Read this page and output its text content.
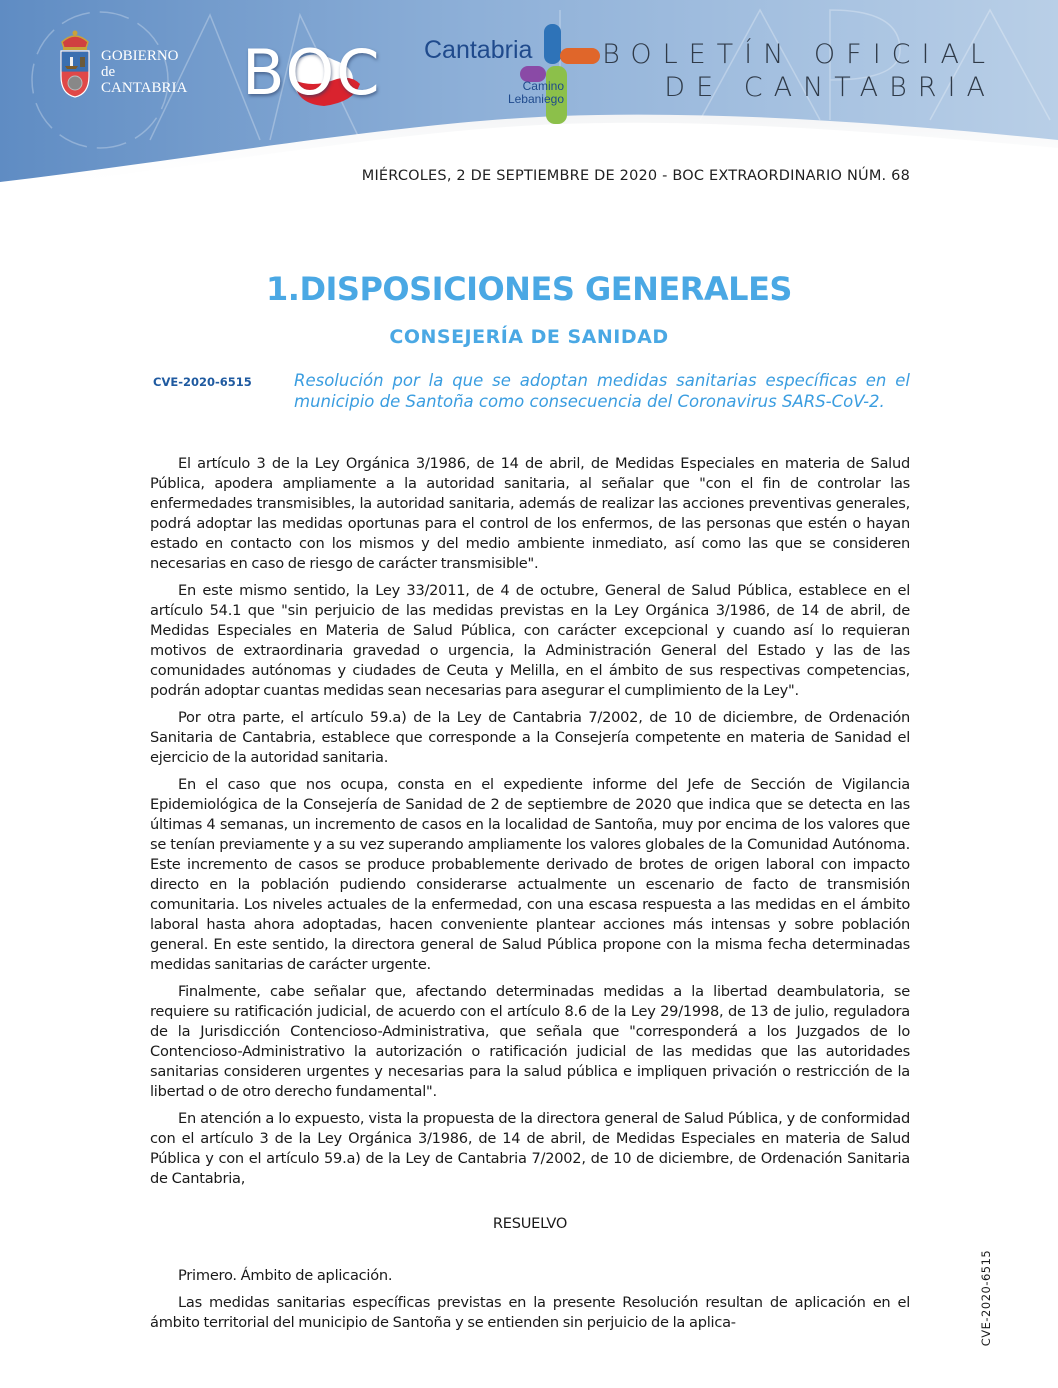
GOBIERNO
de
CANTABRIA BOC Cantabria
Camino
Lebaniego
BOLETÍN OFICIAL
DE CANTABRIA
MIÉRCOLES, 2 DE SEPTIEMBRE DE 2020 - BOC EXTRAORDINARIO NÚM. 68
1.DISPOSICIONES GENERALES
CONSEJERÍA DE SANIDAD
CVE-2020-6515	Resolución por la que se adoptan medidas sanitarias específicas en el municipio de Santoña como consecuencia del Coronavirus SARS-CoV-2.

El artículo 3 de la Ley Orgánica 3/1986, de 14 de abril, de Medidas Especiales en materia de Salud Pública, apodera ampliamente a la autoridad sanitaria, al señalar que "con el fin de controlar las enfermedades transmisibles, la autoridad sanitaria, además de realizar las acciones preventivas generales, podrá adoptar las medidas oportunas para el control de los enfermos, de las personas que estén o hayan estado en contacto con los mismos y del medio ambiente inmediato, así como las que se consideren necesarias en caso de riesgo de carácter transmisible".

En este mismo sentido, la Ley 33/2011, de 4 de octubre, General de Salud Pública, establece en el artículo 54.1 que "sin perjuicio de las medidas previstas en la Ley Orgánica 3/1986, de 14 de abril, de Medidas Especiales en Materia de Salud Pública, con carácter excepcional y cuando así lo requieran motivos de extraordinaria gravedad o urgencia, la Administración General del Estado y las de las comunidades autónomas y ciudades de Ceuta y Melilla, en el ámbito de sus respectivas competencias, podrán adoptar cuantas medidas sean necesarias para asegurar el cumplimiento de la Ley".

Por otra parte, el artículo 59.a) de la Ley de Cantabria 7/2002, de 10 de diciembre, de Ordenación Sanitaria de Cantabria, establece que corresponde a la Consejería competente en materia de Sanidad el ejercicio de la autoridad sanitaria.

En el caso que nos ocupa, consta en el expediente informe del Jefe de Sección de Vigilancia Epidemiológica de la Consejería de Sanidad de 2 de septiembre de 2020 que indica que se detecta en las últimas 4 semanas, un incremento de casos en la localidad de Santoña, muy por encima de los valores que se tenían previamente y a su vez superando ampliamente los valores globales de la Comunidad Autónoma. Este incremento de casos se produce probablemente derivado de brotes de origen laboral con impacto directo en la población pudiendo considerarse actualmente un escenario de facto de transmisión comunitaria. Los niveles actuales de la enfermedad, con una escasa respuesta a las medidas en el ámbito laboral hasta ahora adoptadas, hacen conveniente plantear acciones más intensas y sobre población general. En este sentido, la directora general de Salud Pública propone con la misma fecha determinadas medidas sanitarias de carácter urgente.

Finalmente, cabe señalar que, afectando determinadas medidas a la libertad deambulatoria, se requiere su ratificación judicial, de acuerdo con el artículo 8.6 de la Ley 29/1998, de 13 de julio, reguladora de la Jurisdicción Contencioso-Administrativa, que señala que "corresponderá a los Juzgados de lo Contencioso-Administrativo la autorización o ratificación judicial de las medidas que las autoridades sanitarias consideren urgentes y necesarias para la salud pública e impliquen privación o restricción de la libertad o de otro derecho fundamental".

En atención a lo expuesto, vista la propuesta de la directora general de Salud Pública, y de conformidad con el artículo 3 de la Ley Orgánica 3/1986, de 14 de abril, de Medidas Especiales en materia de Salud Pública y con el artículo 59.a) de la Ley de Cantabria 7/2002, de 10 de diciembre, de Ordenación Sanitaria de Cantabria,

RESUELVO

Primero. Ámbito de aplicación.

Las medidas sanitarias específicas previstas en la presente Resolución resultan de aplicación en el ámbito territorial del municipio de Santoña y se entienden sin perjuicio de la aplica-	CVE-2020-6515
